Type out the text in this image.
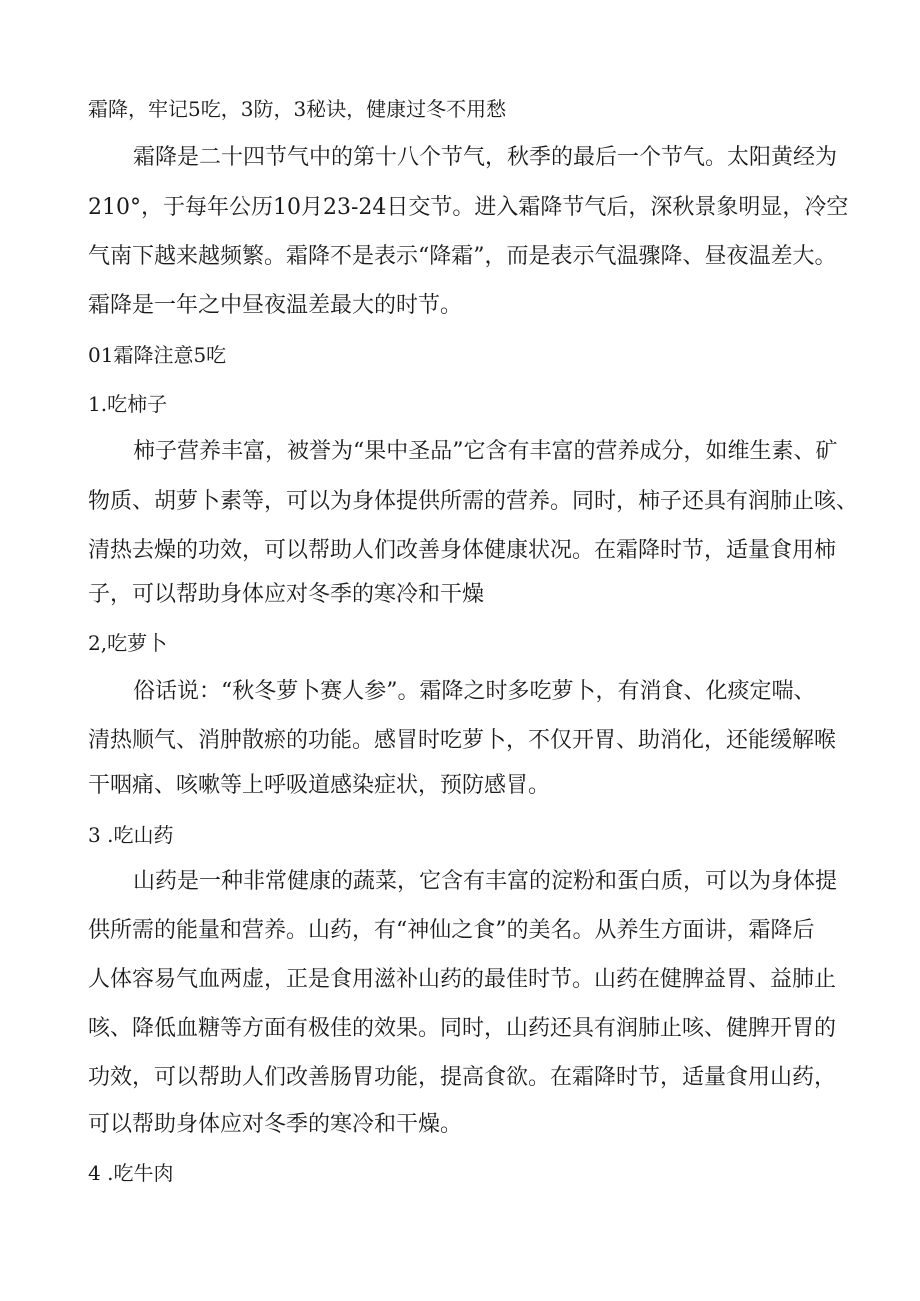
霜降，牢记5吃，3防，3秘诀，健康过冬不用愁

霜降是二十四节气中的第十八个节气，秋季的最后一个节气。太阳黄经为

210°，于每年公历10月23-24日交节。进入霜降节气后，深秋景象明显，冷空

气南下越来越频繁。霜降不是表示“降霜”，而是表示气温骤降、昼夜温差大。

霜降是一年之中昼夜温差最大的时节。

01霜降注意5吃

1.吃柿子

柿子营养丰富，被誉为“果中圣品”它含有丰富的营养成分，如维生素、矿

物质、胡萝卜素等，可以为身体提供所需的营养。同时，柿子还具有润肺止咳、

清热去燥的功效，可以帮助人们改善身体健康状况。在霜降时节，适量食用柿

子，可以帮助身体应对冬季的寒冷和干燥

2,吃萝卜

俗话说：“秋冬萝卜赛人参”。霜降之时多吃萝卜，有消食、化痰定喘、

清热顺气、消肿散瘀的功能。感冒时吃萝卜，不仅开胃、助消化，还能缓解喉

干咽痛、咳嗽等上呼吸道感染症状，预防感冒。

3 .吃山药

山药是一种非常健康的蔬菜，它含有丰富的淀粉和蛋白质，可以为身体提

供所需的能量和营养。山药，有“神仙之食”的美名。从养生方面讲，霜降后

人体容易气血两虚，正是食用滋补山药的最佳时节。山药在健脾益胃、益肺止

咳、降低血糖等方面有极佳的效果。同时，山药还具有润肺止咳、健脾开胃的

功效，可以帮助人们改善肠胃功能，提高食欲。在霜降时节，适量食用山药，

可以帮助身体应对冬季的寒冷和干燥。

4 .吃牛肉
